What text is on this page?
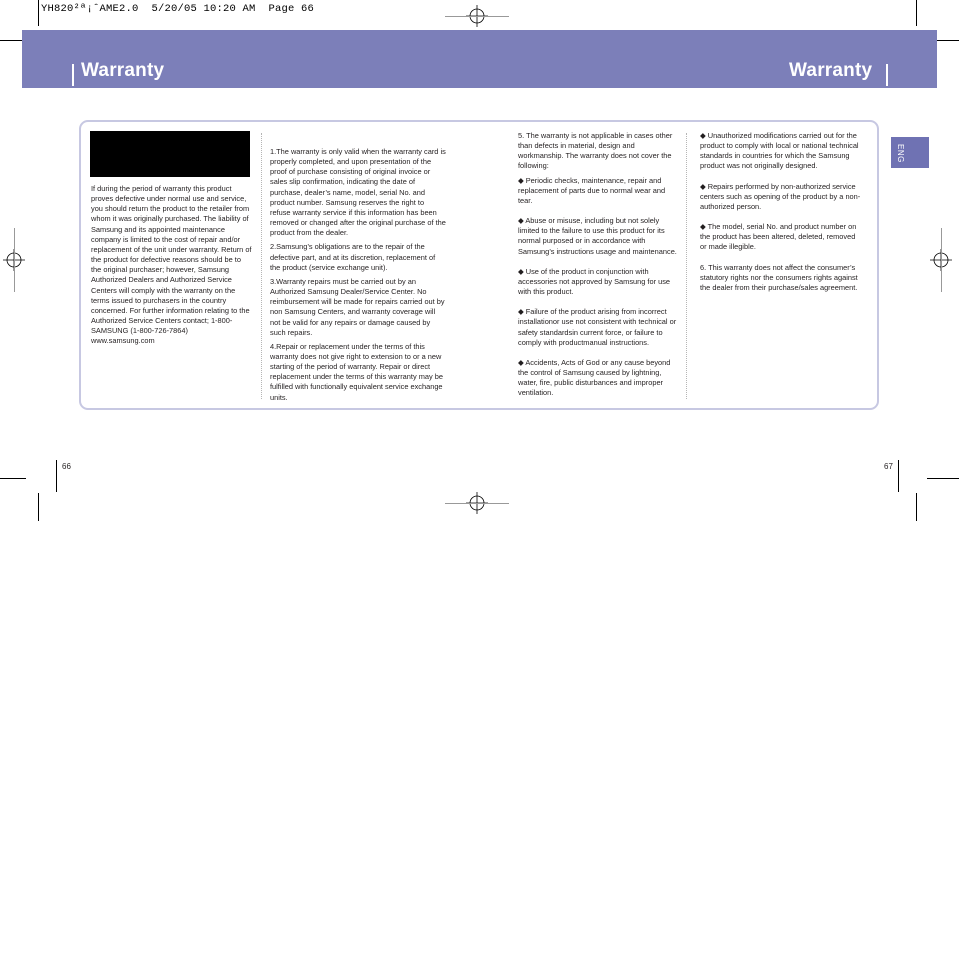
YH820²ª¡ˆAME2.0  5/20/05 10:20 AM  Page 66
Warranty	Warranty
ENG

If during the period of warranty this product proves defective under normal use and service, you should return the product to the retailer from whom it was originally purchased. The liability of Samsung and its appointed maintenance company is limited to the cost of repair and/or replacement of the unit under warranty. Return of the product for defective reasons should be to the original purchaser; however, Samsung Authorized Dealers and Authorized Service Centers will comply with the warranty on the terms issued to purchasers in the country concerned. For further information relating to the Authorized Service Centers contact; 1-800-SAMSUNG (1-800-726-7864) www.samsung.com

1.The warranty is only valid when the warranty card is properly completed, and upon presentation of the proof of purchase consisting of original invoice or sales slip confirmation, indicating the date of purchase, dealer’s name, model, serial No. and product number. Samsung reserves the right to refuse warranty service if this information has been removed or changed after the original purchase of the product from the dealer.

2.Samsung’s obligations are to the repair of the defective part, and at its discretion, replacement of the product (service exchange unit).

3.Warranty repairs must be carried out by an Authorized Samsung Dealer/Service Center. No reimbursement will be made for repairs carried out by non Samsung Centers, and warranty coverage will not be valid for any repairs or damage caused by such repairs.

4.Repair or replacement under the terms of this warranty does not give right to extension to or a new starting of the period of warranty. Repair or direct replacement under the terms of this warranty may be fulfilled with functionally equivalent service exchange units.

5. The warranty is not applicable in cases other than defects in material, design and workmanship. The warranty does not cover the following:

◆ Periodic checks, maintenance, repair and replacement of parts due to normal wear and tear.

◆ Abuse or misuse, including but not solely limited to the failure to use this product for its normal purposed or in accordance with Samsung’s instructions usage and maintenance.

◆ Use of the product in conjunction with accessories not approved by Samsung for use with this product.

◆ Failure of the product arising from incorrect installationor use not consistent with technical or safety standardsin current force, or failure to comply with productmanual instructions.

◆ Accidents, Acts of God or any cause beyond the control of Samsung caused by lightning, water, fire, public disturbances and improper ventilation.

◆ Unauthorized modifications carried out for the product to comply with local or national technical standards in countries for which the Samsung product was not originally designed.

◆ Repairs performed by non-authorized service centers such as opening of the product by a non-authorized person.

◆ The model, serial No. and product number on the product has been altered, deleted, removed or made illegible.

6. This warranty does not affect the consumer’s statutory rights nor the consumers rights against the dealer from their purchase/sales agreement.

66	67
